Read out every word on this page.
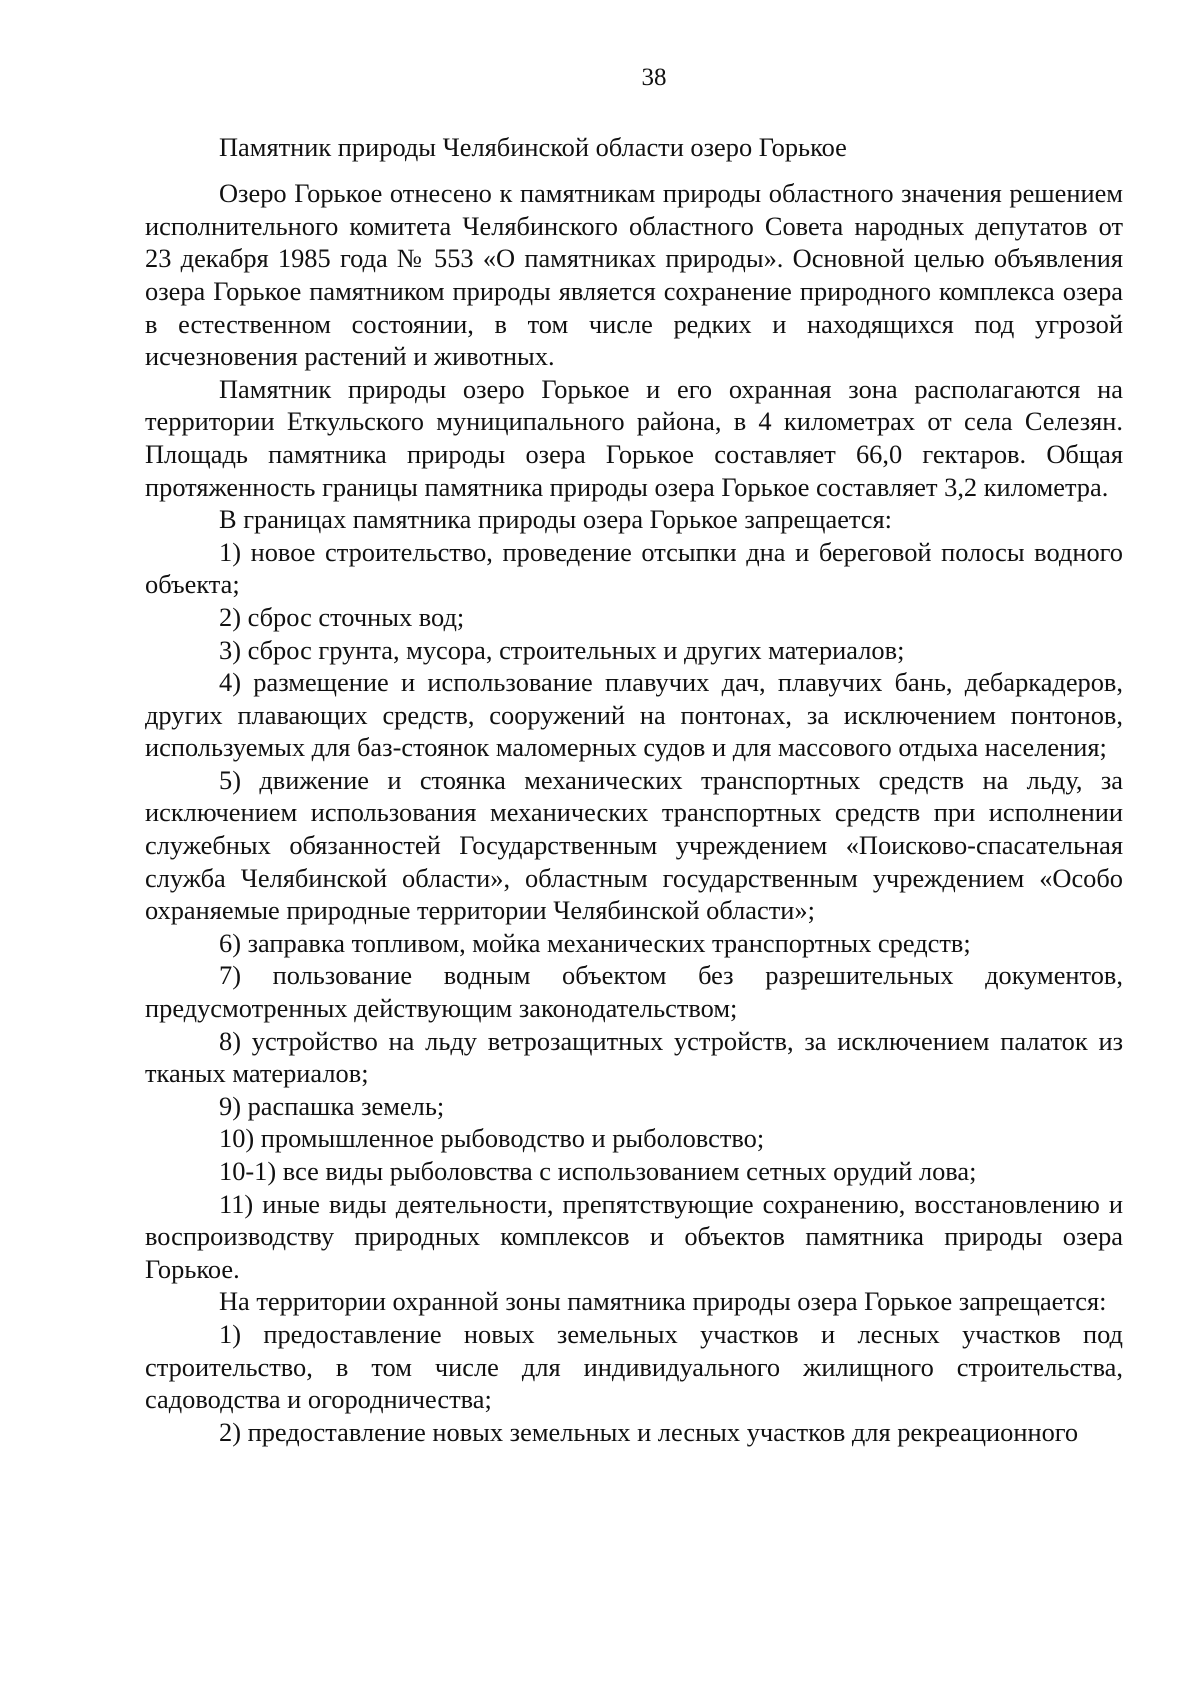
38

Памятник природы Челябинской области озеро Горькое

Озеро Горькое отнесено к памятникам природы областного значения решением исполнительного комитета Челябинского областного Совета народных депутатов от 23 декабря 1985 года № 553 «О памятниках природы». Основной целью объявления озера Горькое памятником природы является сохранение природного комплекса озера в естественном состоянии, в том числе редких и находящихся под угрозой исчезновения растений и животных.

Памятник природы озеро Горькое и его охранная зона располагаются на территории Еткульского муниципального района, в 4 километрах от села Селезян. Площадь памятника природы озера Горькое составляет 66,0 гектаров. Общая протяженность границы памятника природы озера Горькое составляет 3,2 километра.

В границах памятника природы озера Горькое запрещается:

1) новое строительство, проведение отсыпки дна и береговой полосы водного объекта;

2) сброс сточных вод;

3) сброс грунта, мусора, строительных и других материалов;

4) размещение и использование плавучих дач, плавучих бань, дебаркадеров, других плавающих средств, сооружений на понтонах, за исключением понтонов, используемых для баз-стоянок маломерных судов и для массового отдыха населения;

5) движение и стоянка механических транспортных средств на льду, за исключением использования механических транспортных средств при исполнении служебных обязанностей Государственным учреждением «Поисково-спасательная служба Челябинской области», областным государственным учреждением «Особо охраняемые природные территории Челябинской области»;

6) заправка топливом, мойка механических транспортных средств;

7) пользование водным объектом без разрешительных документов, предусмотренных действующим законодательством;

8) устройство на льду ветрозащитных устройств, за исключением палаток из тканых материалов;

9) распашка земель;

10) промышленное рыбоводство и рыболовство;

10-1) все виды рыболовства с использованием сетных орудий лова;

11) иные виды деятельности, препятствующие сохранению, восстановлению и воспроизводству природных комплексов и объектов памятника природы озера Горькое.

На территории охранной зоны памятника природы озера Горькое запрещается:

1) предоставление новых земельных участков и лесных участков под строительство, в том числе для индивидуального жилищного строительства, садоводства и огородничества;

2) предоставление новых земельных и лесных участков для рекреационного
